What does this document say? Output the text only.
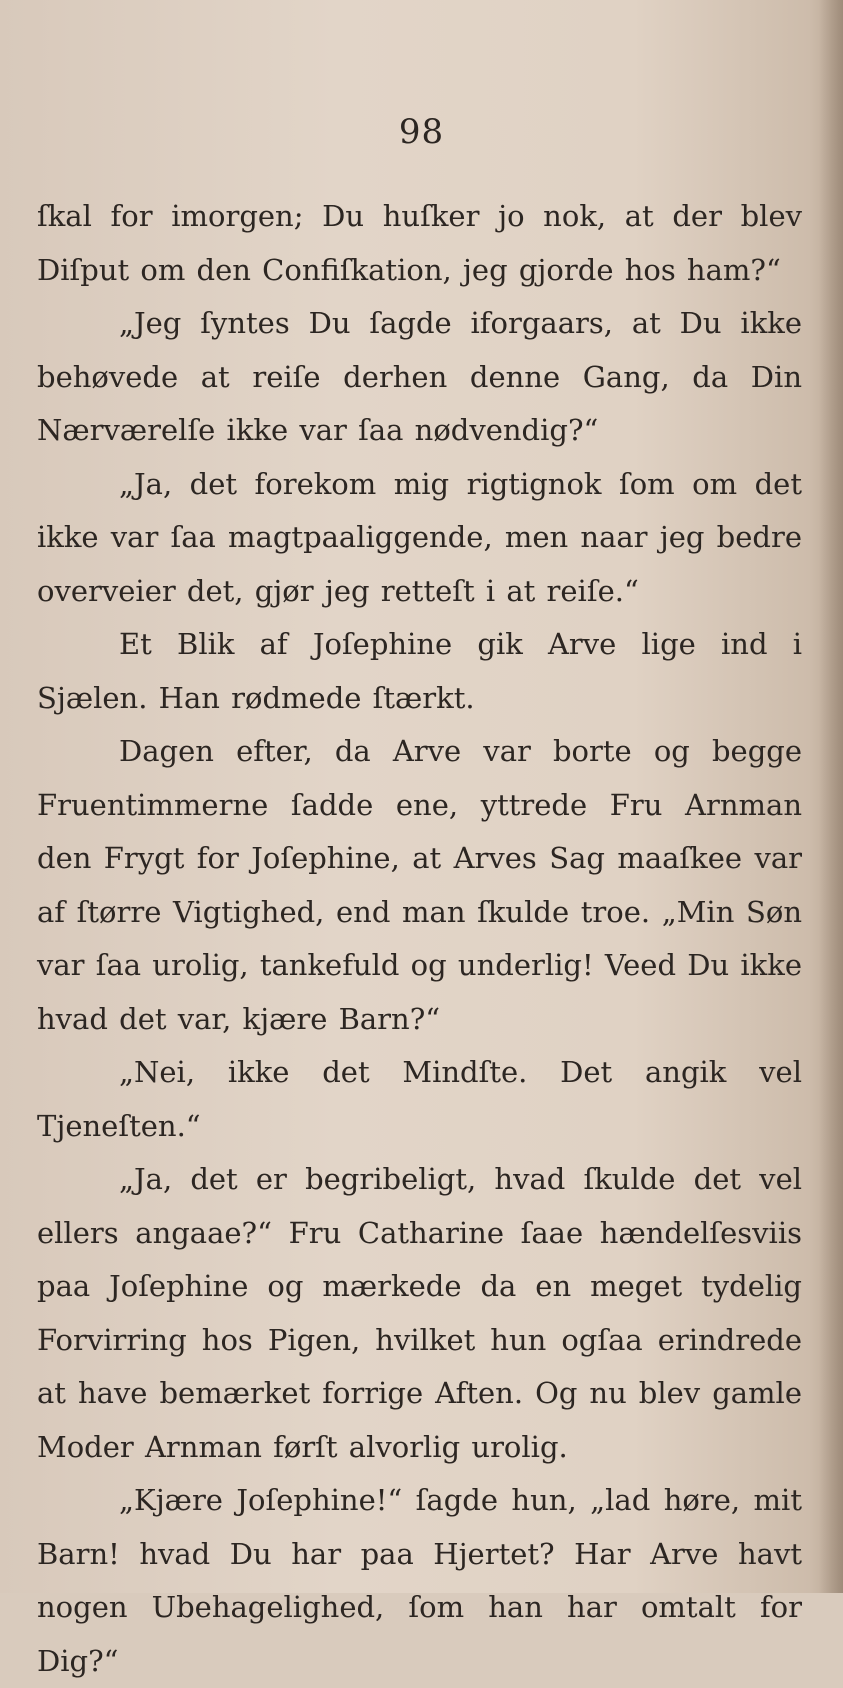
98

ſkal for imorgen; Du huſker jo nok, at der blev Diſput om den Confiſkation, jeg gjorde hos ham?“

„Jeg ſyntes Du ſagde iforgaars, at Du ikke behøvede at reiſe derhen denne Gang, da Din Nærværelſe ikke var ſaa nødvendig?“

„Ja, det forekom mig rigtignok ſom om det ikke var ſaa magtpaaliggende, men naar jeg bedre overveier det, gjør jeg retteſt i at reiſe.“

Et Blik af Joſephine gik Arve lige ind i Sjælen. Han rødmede ſtærkt.

Dagen efter, da Arve var borte og begge Fruentimmerne ſadde ene, yttrede Fru Arnman den Frygt for Joſephine, at Arves Sag maaſkee var af ſtørre Vigtighed, end man ſkulde troe. „Min Søn var ſaa urolig, tankefuld og underlig! Veed Du ikke hvad det var, kjære Barn?“

„Nei, ikke det Mindſte. Det angik vel Tjeneſten.“

„Ja, det er begribeligt, hvad ſkulde det vel ellers angaae?“ Fru Catharine ſaae hændelſesviis paa Joſephine og mærkede da en meget tydelig Forvirring hos Pigen, hvilket hun ogſaa erindrede at have bemærket forrige Aften. Og nu blev gamle Moder Arnman førſt alvorlig urolig.

„Kjære Joſephine!“ ſagde hun, „lad høre, mit Barn! hvad Du har paa Hjertet? Har Arve havt nogen Ubehagelighed, ſom han har omtalt for Dig?“
